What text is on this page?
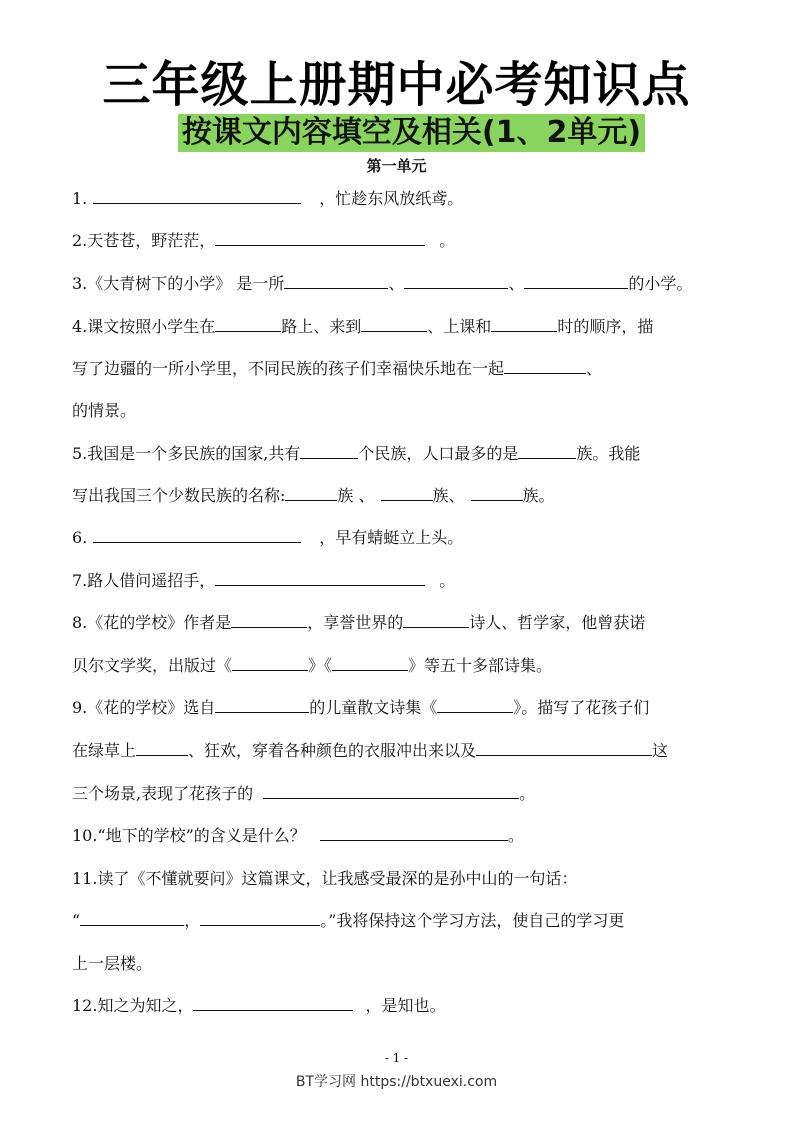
三年级上册期中必考知识点
按课文内容填空及相关(1、2单元)
第一单元
1.	，忙趁东风放纸鸢。
2.天苍苍，野茫茫，	。
3.《大青树下的小学》 是一所	、	、	的小学。
4.课文按照小学生在	路上、来到	、上课和	时的顺序，描
写了边疆的一所小学里，不同民族的孩子们幸福快乐地在一起	、
的情景。
5.我国是一个多民族的国家,共有	个民族，人口最多的是	族。我能
写出我国三个少数民族的名称:	族 、	族、	族。
6.	，早有蜻蜓立上头。
7.路人借问遥招手，	。
8.《花的学校》作者是	，享誉世界的	诗人、哲学家，他曾获诺
贝尔文学奖，出版过《	》《	》等五十多部诗集。
9.《花的学校》选自	的儿童散文诗集《	》。描写了花孩子们
在绿草上	、狂欢，穿着各种颜色的衣服冲出来以及	这
三个场景,表现了花孩子的	。
10.“地下的学校”的含义是什么？	。
11.读了《不懂就要问》这篇课文，让我感受最深的是孙中山的一句话：
“	，	。”我将保持这个学习方法，使自己的学习更
上一层楼。
12.知之为知之，	，是知也。
- 1 -
BT学习网 https://btxuexi.com
